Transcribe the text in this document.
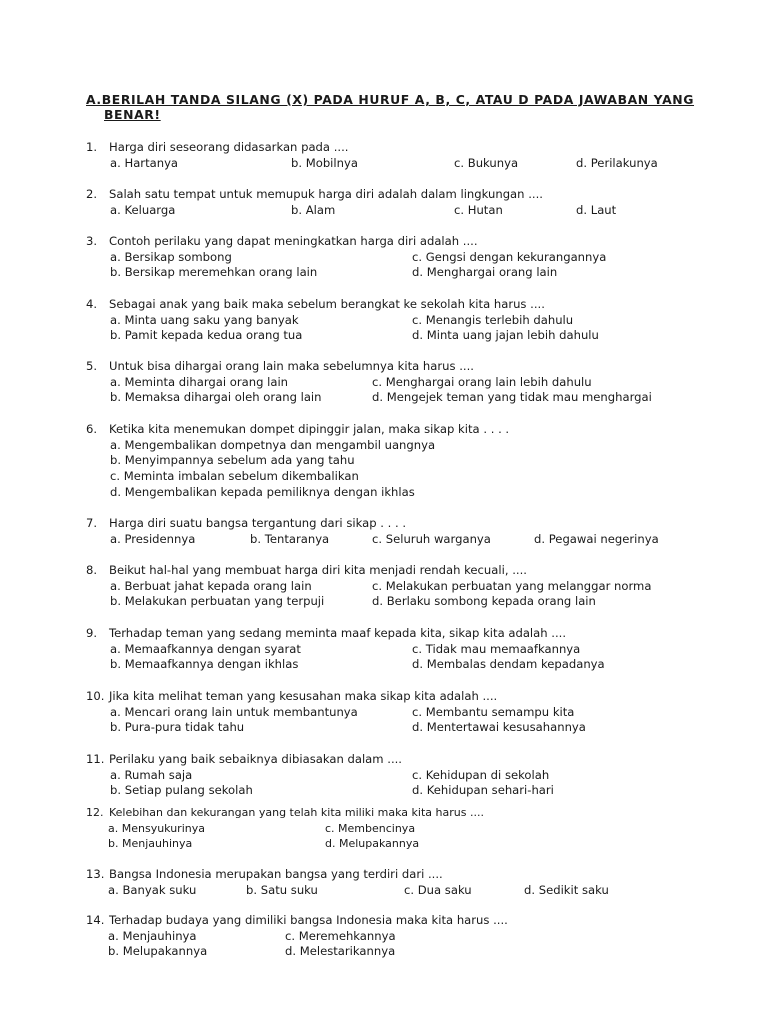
A.BERILAH TANDA SILANG (X) PADA HURUF A, B, C, ATAU D PADA JAWABAN YANG
BENAR!
1. Harga diri seseorang didasarkan pada ....
a. Hartanya	b. Mobilnya	c. Bukunya	d. Perilakunya
2. Salah satu tempat untuk memupuk harga diri adalah dalam lingkungan ....
a. Keluarga	b. Alam	c. Hutan	d. Laut
3. Contoh perilaku yang dapat meningkatkan harga diri adalah ....
a. Bersikap sombong	c. Gengsi dengan kekurangannya
b. Bersikap meremehkan orang lain	d. Menghargai orang lain
4. Sebagai anak yang baik maka sebelum berangkat ke sekolah kita harus ....
a. Minta uang saku yang banyak	c. Menangis terlebih dahulu
b. Pamit kepada kedua orang tua	d. Minta uang jajan lebih dahulu
5. Untuk bisa dihargai orang lain maka sebelumnya kita harus ....
a. Meminta dihargai orang lain	c. Menghargai orang lain lebih dahulu
b. Memaksa dihargai oleh orang lain	d. Mengejek teman yang tidak mau menghargai
6. Ketika kita menemukan dompet dipinggir jalan, maka sikap kita . . . .
a. Mengembalikan dompetnya dan mengambil uangnya
b. Menyimpannya sebelum ada yang tahu
c. Meminta imbalan sebelum dikembalikan
d. Mengembalikan kepada pemiliknya dengan ikhlas
7. Harga diri suatu bangsa tergantung dari sikap . . . .
a. Presidennya	b. Tentaranya	c. Seluruh warganya	d. Pegawai negerinya
8. Beikut hal-hal yang membuat harga diri kita menjadi rendah kecuali, ....
a. Berbuat jahat kepada orang lain	c. Melakukan perbuatan yang melanggar norma
b. Melakukan perbuatan yang terpuji	d. Berlaku sombong kepada orang lain
9. Terhadap teman yang sedang meminta maaf kepada kita, sikap kita adalah ....
a. Memaafkannya dengan syarat	c. Tidak mau memaafkannya
b. Memaafkannya dengan ikhlas	d. Membalas dendam kepadanya
10. Jika kita melihat teman yang kesusahan maka sikap kita adalah ....
a. Mencari orang lain untuk membantunya	c. Membantu semampu kita
b. Pura-pura tidak tahu	d. Mentertawai kesusahannya
11. Perilaku yang baik sebaiknya dibiasakan dalam ....
a. Rumah saja	c. Kehidupan di sekolah
b. Setiap pulang sekolah	d. Kehidupan sehari-hari
12. Kelebihan dan kekurangan yang telah kita miliki maka kita harus ....
a. Mensyukurinya	c. Membencinya
b. Menjauhinya	d. Melupakannya
13. Bangsa Indonesia merupakan bangsa yang terdiri dari ....
a. Banyak suku	b. Satu suku	c. Dua saku	d. Sedikit saku
14. Terhadap budaya yang dimiliki bangsa Indonesia maka kita harus ....
a. Menjauhinya	c. Meremehkannya
b. Melupakannya	d. Melestarikannya
